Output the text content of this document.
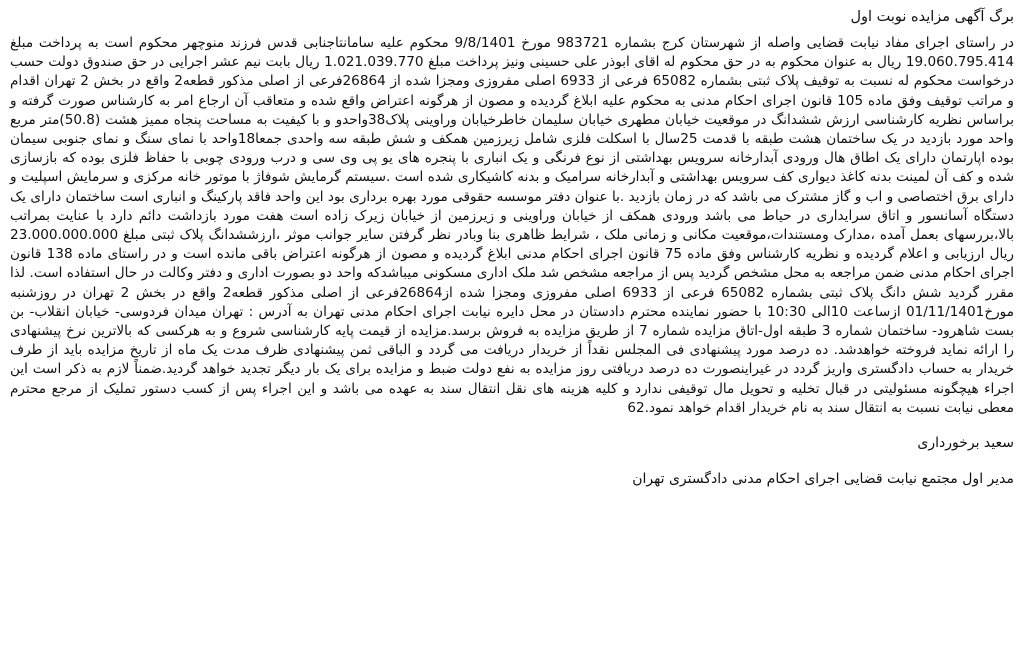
برگ آگهی مزایده نوبت اول

در راستای اجرای مفاد نیابت قضایی واصله از شهرستان کرج بشماره 983721 مورخ 9/8/1401 محکوم علیه سامانتاجنابی قدس فرزند منوچهر محکوم است به پرداخت مبلغ 19.060.795.414 ریال به عنوان محکوم به در حق محکوم له اقای ابوذر علی حسینی ونیز پرداخت مبلغ 1.021.039.770 ریال بابت نیم عشر اجرایی در حق صندوق دولت حسب درخواست محکوم له نسبت به توقیف پلاک ثبتی بشماره 65082 فرعی از 6933 اصلی مفروزی ومجزا شده از 26864فرعی از اصلی مذکور قطعه2 واقع در بخش 2 تهران اقدام و مراتب توقیف وفق ماده 105 قانون اجرای احکام مدنی به محکوم علیه ابلاغ گردیده و مصون از هرگونه اعتراض واقع شده و متعاقب آن ارجاع امر به کارشناس صورت گرفته و براساس نظریه کارشناسی ارزش ششدانگ در موقعیت خیابان مطهری خیابان سلیمان خاطرخیابان وراوینی پلاک38واحدو و با کیفیت به مساحت پنجاه ممیز هشت (50.8)متر مربع واحد مورد بازدید در یک ساختمان هشت طبقه با قدمت 25سال با اسکلت فلزی شامل زیرزمین همکف و شش طبقه سه واحدی جمعا18واحد با نمای سنگ و نمای جنوبی سیمان بوده اپارتمان دارای یک اطاق هال ورودی آبدارخانه سرویس بهداشتی از نوع فرنگی و یک انباری با پنجره های یو پی وی سی و درب ورودی چوبی با حفاظ فلزی بوده که بازسازی شده و کف آن لمینت بدنه کاغذ دیواری کف سرویس بهداشتی و آبدارخانه سرامیک و بدنه کاشیکاری شده است .سیستم گرمایش شوفاژ با موتور خانه مرکزی و سرمایش اسپلیت و دارای برق اختصاصی و اب و گاز مشترک می باشد که در زمان بازدید .با عنوان دفتر موسسه حقوقی مورد بهره برداری بود این واحد فاقد پارکینگ و انباری است ساختمان دارای یک دستگاه آسانسور و اتاق سرایداری در حیاط می باشد ورودی همکف از خیابان وراوینی و زیرزمین از خیابان زیرک زاده است هفت مورد بازداشت دائم دارد با عنایت بمراتب بالا،بررسهای بعمل آمده ،مدارک ومستندات،موقعیت مکانی و زمانی ملک ، شرایط ظاهری بنا وبادر نظر گرفتن سایر جوانب موثر ،ارزششدانگ پلاک ثبتی مبلغ 23.000.000.000 ریال ارزیابی و اعلام گردیده و نظریه کارشناس وفق ماده 75 قانون اجرای احکام مدنی ابلاغ گردیده و مصون از هرگونه اعتراض باقی مانده است و در راستای ماده 138 قانون اجرای احکام مدنی ضمن مراجعه به محل مشخص گردید پس از مراجعه مشخص شد ملک اداری مسکونی میباشدکه واحد دو بصورت اداری و دفتر وکالت در حال استفاده است. لذا مقرر گردید شش دانگ پلاک ثبتی بشماره 65082 فرعی از 6933 اصلی مفروزی ومجزا شده از26864فرعی از اصلی مذکور قطعه2 واقع در بخش 2 تهران در روزشنبه مورخ01/11/1401 ازساعت 10الی 10:30 با حضور نماینده محترم دادستان در محل دایره نیابت اجرای احکام مدنی تهران به آدرس : تهران میدان فردوسی- خیابان انقلاب- بن بست شاهرود- ساختمان شماره 3 طبقه اول-اتاق مزایده شماره 7 از طریق مزایده به فروش برسد.مزایده از قیمت پایه کارشناسی شروع و به هرکسی که بالاترین نرخ پیشنهادی را ارائه نماید فروخته خواهدشد. ده درصد مورد پیشنهادی فی المجلس نقداً از خریدار دریافت می گردد و الباقی ثمن پیشنهادی ظرف مدت یک ماه از تاریخ مزایده باید از طرف خریدار به حساب دادگستری واریز گردد در غیراینصورت ده درصد دریافتی روز مزایده به نفع دولت ضبط و مزایده برای یک بار دیگر تجدید خواهد گردید.ضمناً لازم به ذکر است این اجراء هیچگونه مسئولیتی در قبال تخلیه و تحویل مال توقیفی ندارد و کلیه هزینه های نقل انتقال سند به عهده می باشد و این اجراء پس از کسب دستور تملیک از مرجع محترم معطی نیابت نسبت به انتقال سند به نام خریدار اقدام خواهد نمود.62

سعید برخورداری
مدیر اول مجتمع نیابت قضایی اجرای احکام مدنی دادگستری تهران
